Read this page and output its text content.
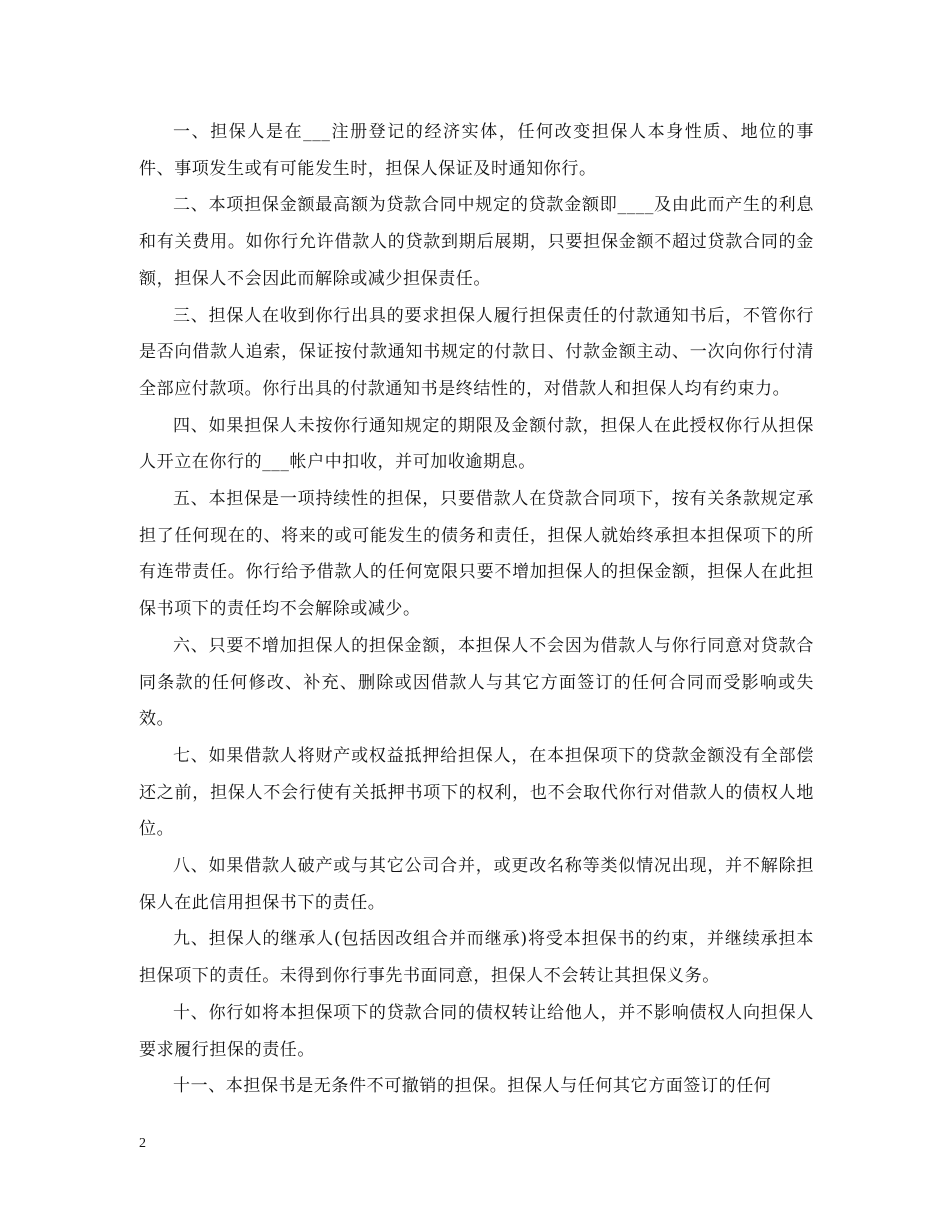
一、担保人是在___注册登记的经济实体，任何改变担保人本身性质、地位的事件、事项发生或有可能发生时，担保人保证及时通知你行。

二、本项担保金额最高额为贷款合同中规定的贷款金额即____及由此而产生的利息和有关费用。如你行允许借款人的贷款到期后展期，只要担保金额不超过贷款合同的金额，担保人不会因此而解除或减少担保责任。

三、担保人在收到你行出具的要求担保人履行担保责任的付款通知书后，不管你行是否向借款人追索，保证按付款通知书规定的付款日、付款金额主动、一次向你行付清全部应付款项。你行出具的付款通知书是终结性的，对借款人和担保人均有约束力。

四、如果担保人未按你行通知规定的期限及金额付款，担保人在此授权你行从担保人开立在你行的___帐户中扣收，并可加收逾期息。

五、本担保是一项持续性的担保，只要借款人在贷款合同项下，按有关条款规定承担了任何现在的、将来的或可能发生的债务和责任，担保人就始终承担本担保项下的所有连带责任。你行给予借款人的任何宽限只要不增加担保人的担保金额，担保人在此担保书项下的责任均不会解除或减少。

六、只要不增加担保人的担保金额，本担保人不会因为借款人与你行同意对贷款合同条款的任何修改、补充、删除或因借款人与其它方面签订的任何合同而受影响或失效。

七、如果借款人将财产或权益抵押给担保人，在本担保项下的贷款金额没有全部偿还之前，担保人不会行使有关抵押书项下的权利，也不会取代你行对借款人的债权人地位。

八、如果借款人破产或与其它公司合并，或更改名称等类似情况出现，并不解除担保人在此信用担保书下的责任。

九、担保人的继承人(包括因改组合并而继承)将受本担保书的约束，并继续承担本担保项下的责任。未得到你行事先书面同意，担保人不会转让其担保义务。

十、你行如将本担保项下的贷款合同的债权转让给他人，并不影响债权人向担保人要求履行担保的责任。

十一、本担保书是无条件不可撤销的担保。担保人与任何其它方面签订的任何

2
